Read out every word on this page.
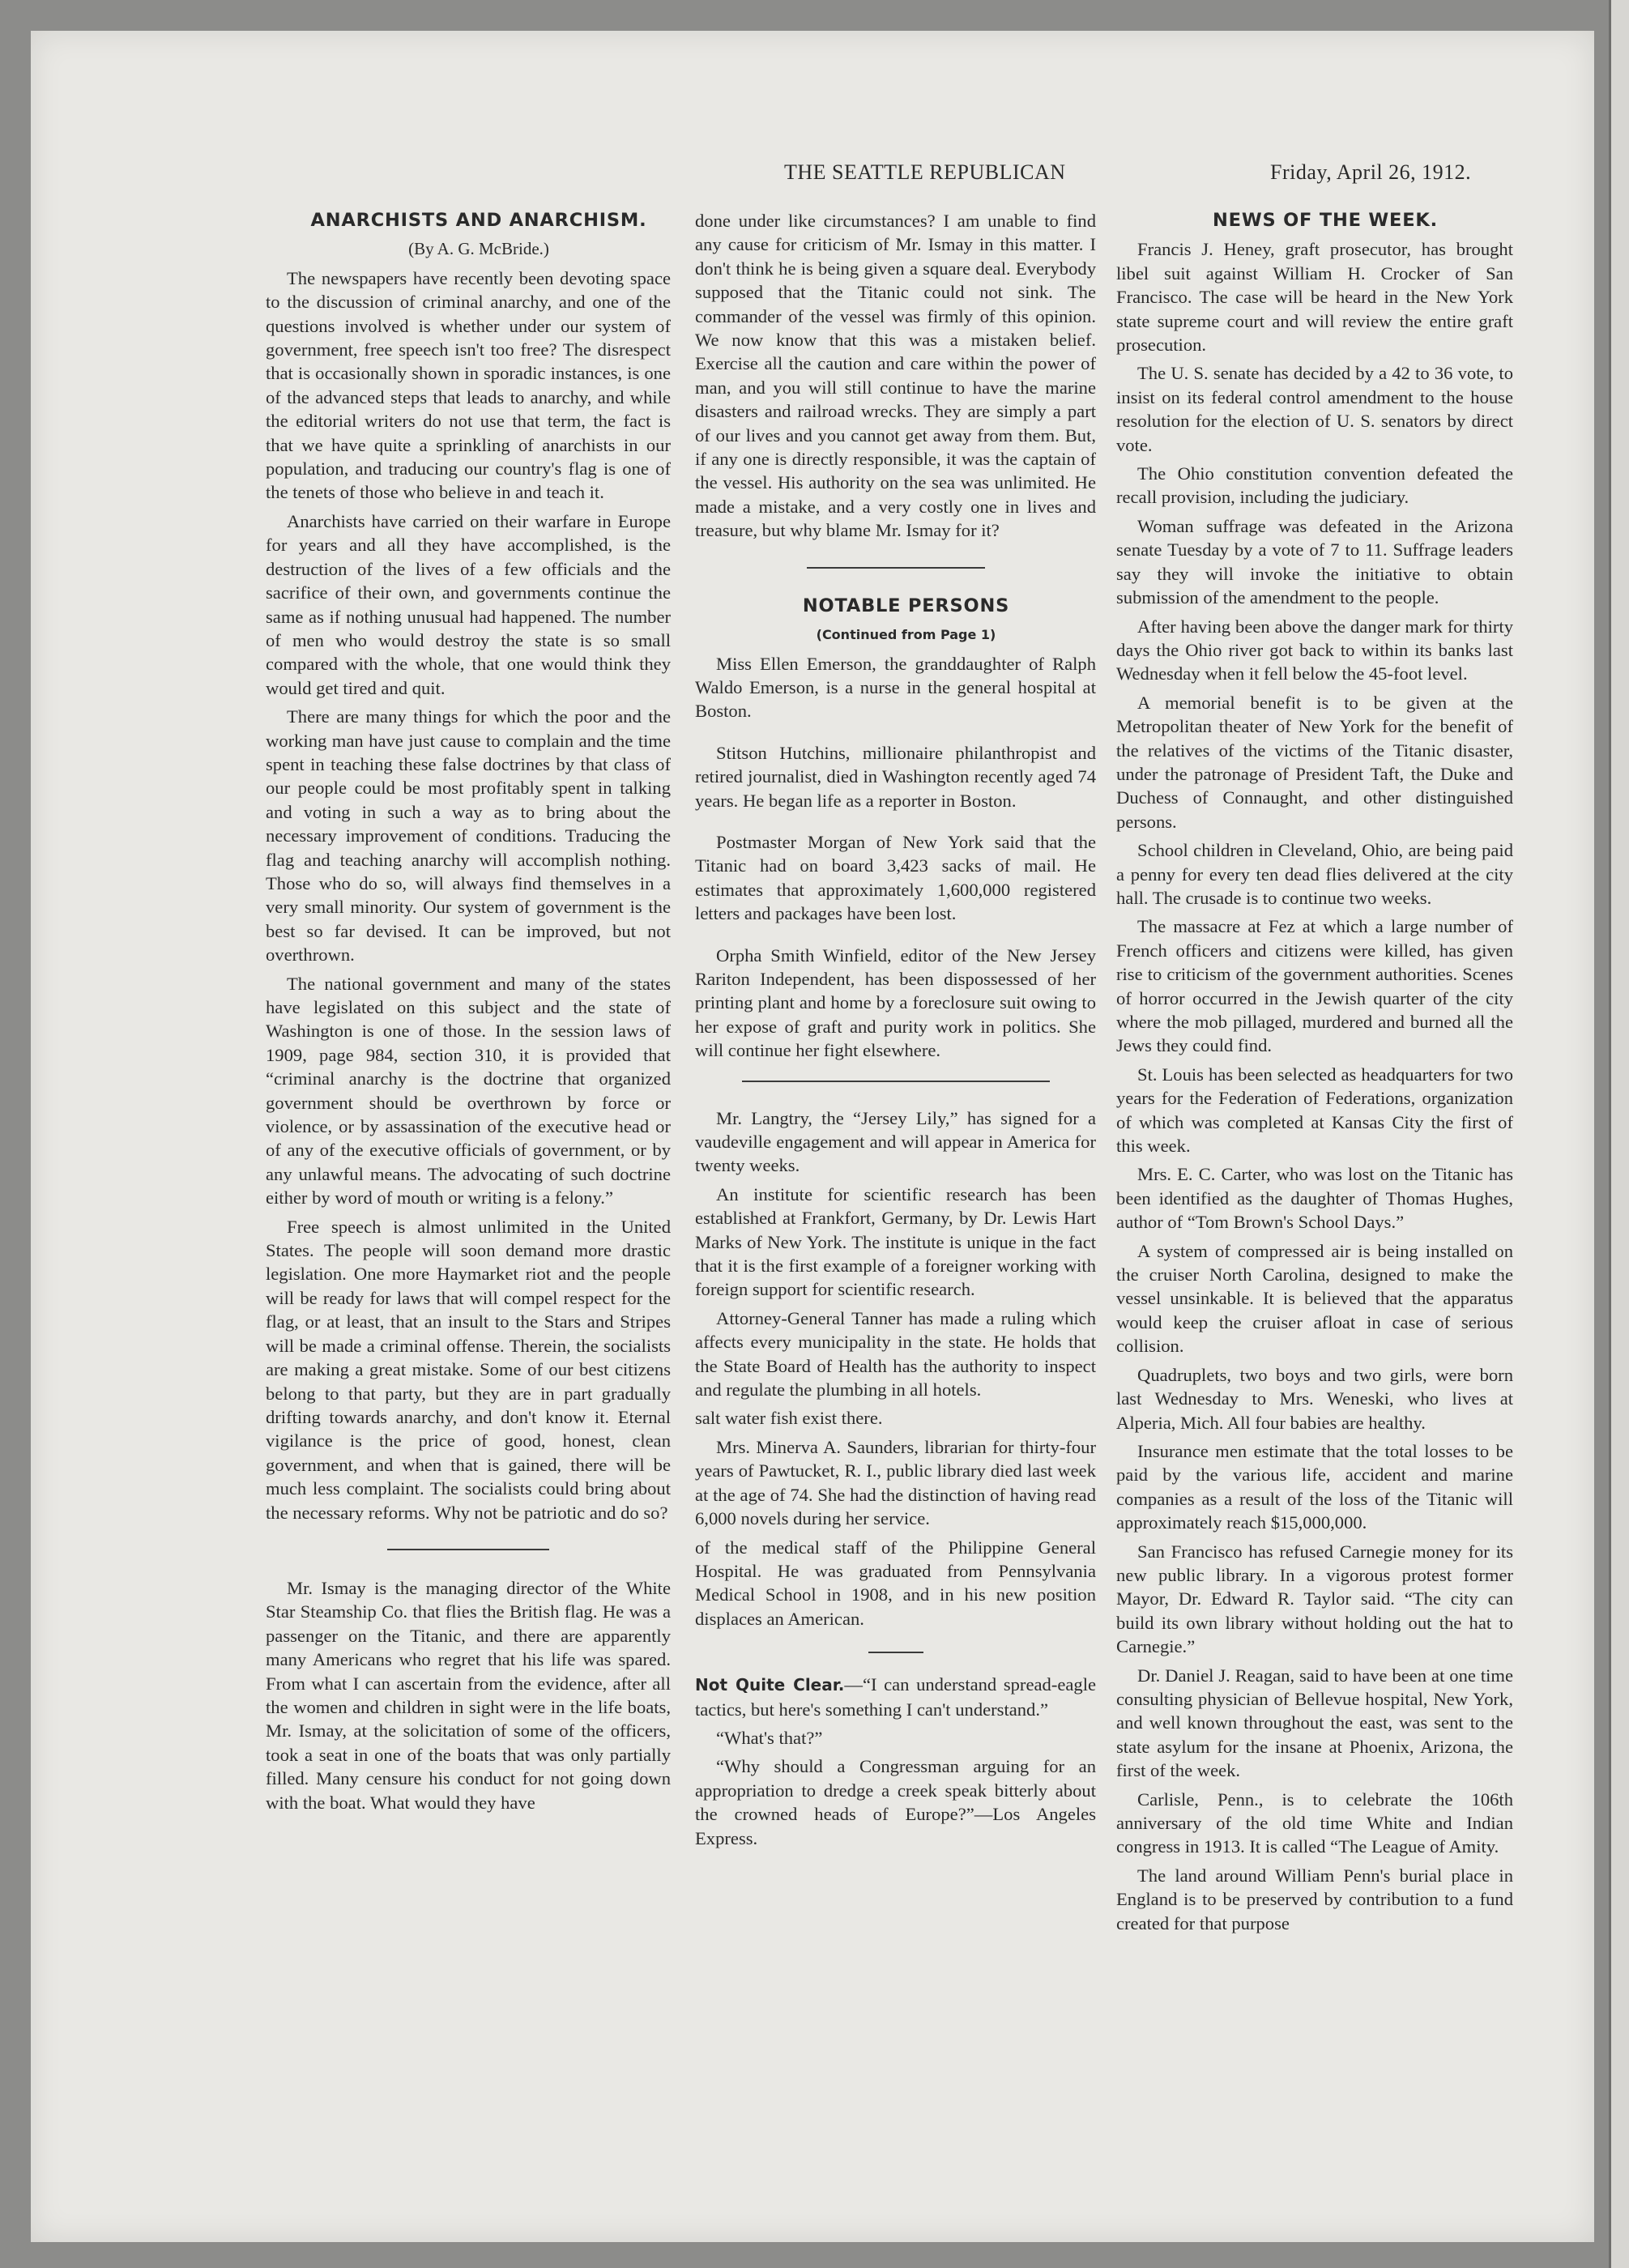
THE SEATTLE REPUBLICAN	Friday, April 26, 1912.

ANARCHISTS AND ANARCHISM.

(By A. G. McBride.)

The newspapers have recently been devoting space to the discussion of criminal anarchy, and one of the questions involved is whether under our system of government, free speech isn't too free? The disrespect that is occasionally shown in sporadic instances, is one of the advanced steps that leads to anarchy, and while the editorial writers do not use that term, the fact is that we have quite a sprinkling of anarchists in our population, and traducing our country's flag is one of the tenets of those who believe in and teach it.

Anarchists have carried on their warfare in Europe for years and all they have accomplished, is the destruction of the lives of a few officials and the sacrifice of their own, and governments continue the same as if nothing unusual had happened. The number of men who would destroy the state is so small compared with the whole, that one would think they would get tired and quit.

There are many things for which the poor and the working man have just cause to complain and the time spent in teaching these false doctrines by that class of our people could be most profitably spent in talking and voting in such a way as to bring about the necessary improvement of conditions. Traducing the flag and teaching anarchy will accomplish nothing. Those who do so, will always find themselves in a very small minority. Our system of government is the best so far devised. It can be improved, but not overthrown.

The national government and many of the states have legislated on this subject and the state of Washington is one of those. In the session laws of 1909, page 984, section 310, it is provided that “criminal anarchy is the doctrine that organized government should be overthrown by force or violence, or by assassination of the executive head or of any of the executive officials of government, or by any unlawful means. The advocating of such doctrine either by word of mouth or writing is a felony.”

Free speech is almost unlimited in the United States. The people will soon demand more drastic legislation. One more Haymarket riot and the people will be ready for laws that will compel respect for the flag, or at least, that an insult to the Stars and Stripes will be made a criminal offense. Therein, the socialists are making a great mistake. Some of our best citizens belong to that party, but they are in part gradually drifting towards anarchy, and don't know it. Eternal vigilance is the price of good, honest, clean government, and when that is gained, there will be much less complaint. The socialists could bring about the necessary reforms. Why not be patriotic and do so?

Mr. Ismay is the managing director of the White Star Steamship Co. that flies the British flag. He was a passenger on the Titanic, and there are apparently many Americans who regret that his life was spared. From what I can ascertain from the evidence, after all the women and children in sight were in the life boats, Mr. Ismay, at the solicitation of some of the officers, took a seat in one of the boats that was only partially filled. Many censure his conduct for not going down with the boat. What would they have

done under like circumstances? I am unable to find any cause for criticism of Mr. Ismay in this matter. I don't think he is being given a square deal. Everybody supposed that the Titanic could not sink. The commander of the vessel was firmly of this opinion. We now know that this was a mistaken belief. Exercise all the caution and care within the power of man, and you will still continue to have the marine disasters and railroad wrecks. They are simply a part of our lives and you cannot get away from them. But, if any one is directly responsible, it was the captain of the vessel. His authority on the sea was unlimited. He made a mistake, and a very costly one in lives and treasure, but why blame Mr. Ismay for it?

NOTABLE PERSONS

(Continued from Page 1)

Miss Ellen Emerson, the granddaughter of Ralph Waldo Emerson, is a nurse in the general hospital at Boston.

Stitson Hutchins, millionaire philanthropist and retired journalist, died in Washington recently aged 74 years. He began life as a reporter in Boston.

Postmaster Morgan of New York said that the Titanic had on board 3,423 sacks of mail. He estimates that approximately 1,600,000 registered letters and packages have been lost.

Orpha Smith Winfield, editor of the New Jersey Rariton Independent, has been dispossessed of her printing plant and home by a foreclosure suit owing to her expose of graft and purity work in politics. She will continue her fight elsewhere.

Mr. Langtry, the “Jersey Lily,” has signed for a vaudeville engagement and will appear in America for twenty weeks.

An institute for scientific research has been established at Frankfort, Germany, by Dr. Lewis Hart Marks of New York. The institute is unique in the fact that it is the first example of a foreigner working with foreign support for scientific research.

Attorney-General Tanner has made a ruling which affects every municipality in the state. He holds that the State Board of Health has the authority to inspect and regulate the plumbing in all hotels.

salt water fish exist there.

Mrs. Minerva A. Saunders, librarian for thirty-four years of Pawtucket, R. I., public library died last week at the age of 74. She had the distinction of having read 6,000 novels during her service.

of the medical staff of the Philippine General Hospital. He was graduated from Pennsylvania Medical School in 1908, and in his new position displaces an American.

Not Quite Clear.—“I can understand spread-eagle tactics, but here's something I can't understand.”

“What's that?”

“Why should a Congressman arguing for an appropriation to dredge a creek speak bitterly about the crowned heads of Europe?”—Los Angeles Express.

NEWS OF THE WEEK.

Francis J. Heney, graft prosecutor, has brought libel suit against William H. Crocker of San Francisco. The case will be heard in the New York state supreme court and will review the entire graft prosecution.

The U. S. senate has decided by a 42 to 36 vote, to insist on its federal control amendment to the house resolution for the election of U. S. senators by direct vote.

The Ohio constitution convention defeated the recall provision, including the judiciary.

Woman suffrage was defeated in the Arizona senate Tuesday by a vote of 7 to 11. Suffrage leaders say they will invoke the initiative to obtain submission of the amendment to the people.

After having been above the danger mark for thirty days the Ohio river got back to within its banks last Wednesday when it fell below the 45-foot level.

A memorial benefit is to be given at the Metropolitan theater of New York for the benefit of the relatives of the victims of the Titanic disaster, under the patronage of President Taft, the Duke and Duchess of Connaught, and other distinguished persons.

School children in Cleveland, Ohio, are being paid a penny for every ten dead flies delivered at the city hall. The crusade is to continue two weeks.

The massacre at Fez at which a large number of French officers and citizens were killed, has given rise to criticism of the government authorities. Scenes of horror occurred in the Jewish quarter of the city where the mob pillaged, murdered and burned all the Jews they could find.

St. Louis has been selected as headquarters for two years for the Federation of Federations, organization of which was completed at Kansas City the first of this week.

Mrs. E. C. Carter, who was lost on the Titanic has been identified as the daughter of Thomas Hughes, author of “Tom Brown's School Days.”

A system of compressed air is being installed on the cruiser North Carolina, designed to make the vessel unsinkable. It is believed that the apparatus would keep the cruiser afloat in case of serious collision.

Quadruplets, two boys and two girls, were born last Wednesday to Mrs. Weneski, who lives at Alperia, Mich. All four babies are healthy.

Insurance men estimate that the total losses to be paid by the various life, accident and marine companies as a result of the loss of the Titanic will approximately reach $15,000,000.

San Francisco has refused Carnegie money for its new public library. In a vigorous protest former Mayor, Dr. Edward R. Taylor said. “The city can build its own library without holding out the hat to Carnegie.”

Dr. Daniel J. Reagan, said to have been at one time consulting physician of Bellevue hospital, New York, and well known throughout the east, was sent to the state asylum for the insane at Phoenix, Arizona, the first of the week.

Carlisle, Penn., is to celebrate the 106th anniversary of the old time White and Indian congress in 1913. It is called “The League of Amity.

The land around William Penn's burial place in England is to be preserved by contribution to a fund created for that purpose
